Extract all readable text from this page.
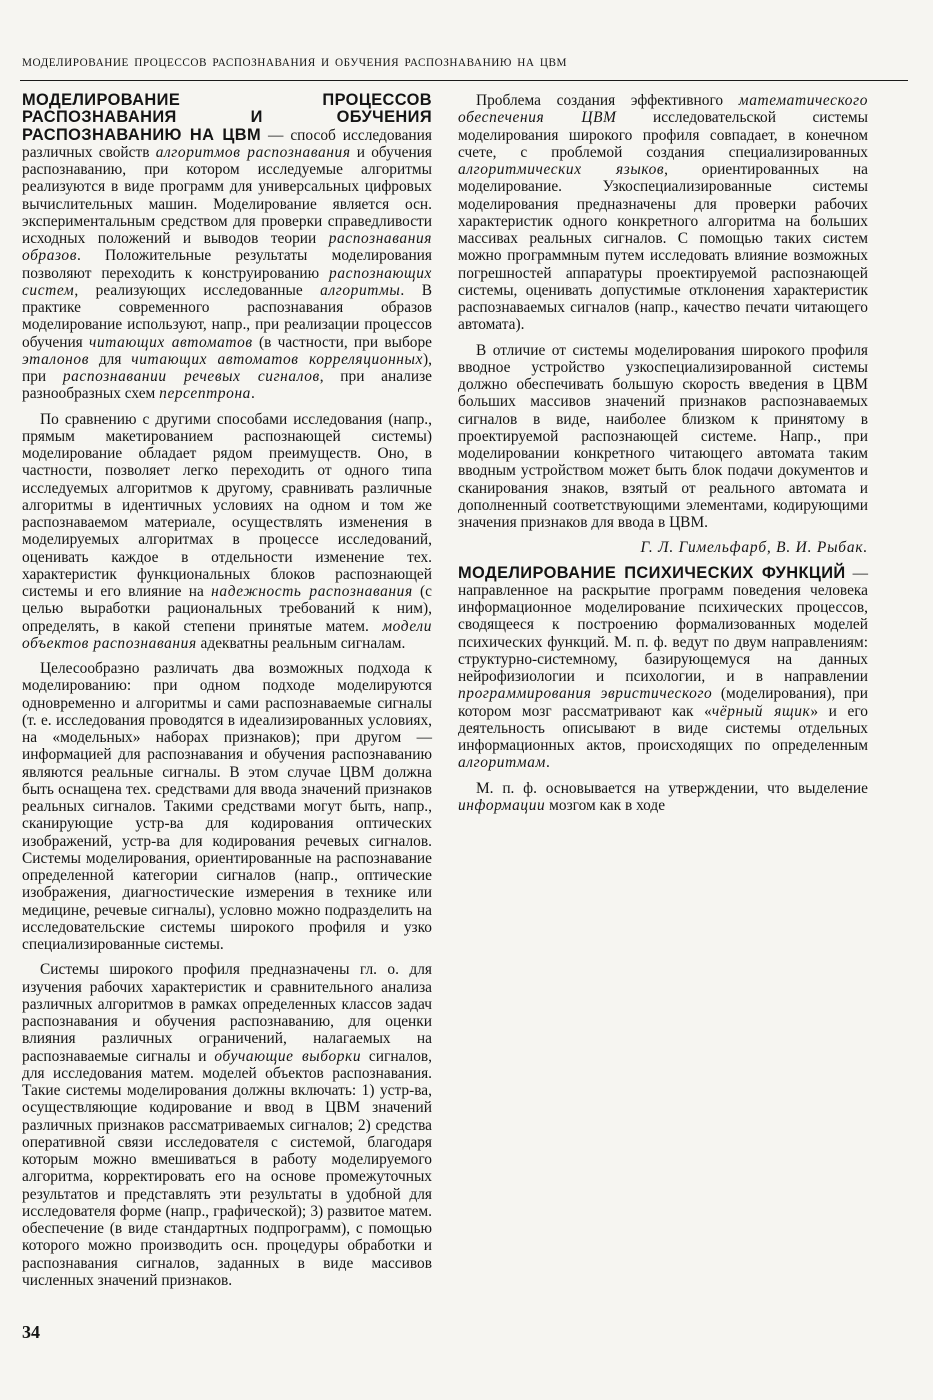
МОДЕЛИРОВАНИЕ ПРОЦЕССОВ РАСПОЗНАВАНИЯ И ОБУЧЕНИЯ РАСПОЗНАВАНИЮ НА ЦВМ

МОДЕЛИРОВАНИЕ ПРОЦЕССОВ РАСПОЗНАВАНИЯ И ОБУЧЕНИЯ РАСПОЗНАВАНИЮ НА ЦВМ — способ исследования различных свойств алгоритмов распознавания и обучения распознаванию, при котором исследуемые алгоритмы реализуются в виде программ для универсальных цифровых вычислительных машин. Моделирование является осн. экспериментальным средством для проверки справедливости исходных положений и выводов теории распознавания образов. Положительные результаты моделирования позволяют переходить к конструированию распознающих систем, реализующих исследованные алгоритмы. В практике современного распознавания образов моделирование используют, напр., при реализации процессов обучения читающих автоматов (в частности, при выборе эталонов для читающих автоматов корреляционных), при распознавании речевых сигналов, при анализе разнообразных схем персептрона.

По сравнению с другими способами исследования (напр., прямым макетированием распознающей системы) моделирование обладает рядом преимуществ. Оно, в частности, позволяет легко переходить от одного типа исследуемых алгоритмов к другому, сравнивать различные алгоритмы в идентичных условиях на одном и том же распознаваемом материале, осуществлять изменения в моделируемых алгоритмах в процессе исследований, оценивать каждое в отдельности изменение тех. характеристик функциональных блоков распознающей системы и его влияние на надежность распознавания (с целью выработки рациональных требований к ним), определять, в какой степени принятые матем. модели объектов распознавания адекватны реальным сигналам.

Целесообразно различать два возможных подхода к моделированию: при одном подходе моделируются одновременно и алгоритмы и сами распознаваемые сигналы (т. е. исследования проводятся в идеализированных условиях, на «модельных» наборах признаков); при другом — информацией для распознавания и обучения распознаванию являются реальные сигналы. В этом случае ЦВМ должна быть оснащена тех. средствами для ввода значений признаков реальных сигналов. Такими средствами могут быть, напр., сканирующие устр-ва для кодирования оптических изображений, устр-ва для кодирования речевых сигналов. Системы моделирования, ориентированные на распознавание определенной категории сигналов (напр., оптические изображения, диагностические измерения в технике или медицине, речевые сигналы), условно можно подразделить на исследовательские системы широкого профиля и узко специализированные системы.

Системы широкого профиля предназначены гл. о. для изучения рабочих характеристик и сравнительного анализа различных алгоритмов в рамках определенных классов задач распознавания и обучения распознаванию, для оценки влияния различных ограничений, налагаемых на распознаваемые сигналы и обучающие выборки сигналов, для исследования матем. моделей объектов распознавания. Такие системы моделирования должны включать: 1) устр-ва, осуществляющие кодирование и ввод в ЦВМ значений различных признаков рассматриваемых сигналов; 2) средства оперативной связи исследователя с системой, благодаря которым можно вмешиваться в работу моделируемого алгоритма, корректировать его на основе промежуточных результатов и представлять эти результаты в удобной для исследователя форме (напр., графической); 3) развитое матем. обеспечение (в виде стандартных подпрограмм), с помощью которого можно производить осн. процедуры обработки и распознавания сигналов, заданных в виде массивов численных значений признаков.

Проблема создания эффективного математического обеспечения ЦВМ исследовательской системы моделирования широкого профиля совпадает, в конечном счете, с проблемой создания специализированных алгоритмических языков, ориентированных на моделирование. Узкоспециализированные системы моделирования предназначены для проверки рабочих характеристик одного конкретного алгоритма на больших массивах реальных сигналов. С помощью таких систем можно программным путем исследовать влияние возможных погрешностей аппаратуры проектируемой распознающей системы, оценивать допустимые отклонения характеристик распознаваемых сигналов (напр., качество печати читающего автомата).

В отличие от системы моделирования широкого профиля вводное устройство узкоспециализированной системы должно обеспечивать большую скорость введения в ЦВМ больших массивов значений признаков распознаваемых сигналов в виде, наиболее близком к принятому в проектируемой распознающей системе. Напр., при моделировании конкретного читающего автомата таким вводным устройством может быть блок подачи документов и сканирования знаков, взятый от реального автомата и дополненный соответствующими элементами, кодирующими значения признаков для ввода в ЦВМ.

Г. Л. Гимельфарб, В. И. Рыбак.

МОДЕЛИРОВАНИЕ ПСИХИЧЕСКИХ ФУНКЦИЙ — направленное на раскрытие программ поведения человека информационное моделирование психических процессов, сводящееся к построению формализованных моделей психических функций. М. п. ф. ведут по двум направлениям: структурно-системному, базирующемуся на данных нейрофизиологии и психологии, и в направлении программирования эвристического (моделирования), при котором мозг рассматривают как «чёрный ящик» и его деятельность описывают в виде системы отдельных информационных актов, происходящих по определенным алгоритмам.

М. п. ф. основывается на утверждении, что выделение информации мозгом как в ходе

34
